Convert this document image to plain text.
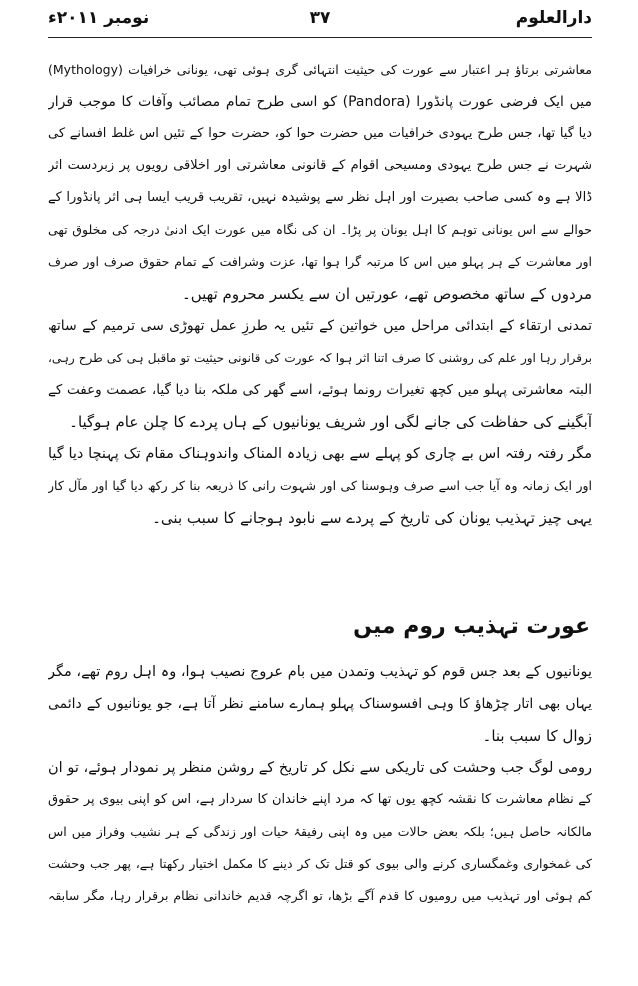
دارالعلوم
۳۷
نومبر ۲۰۱۱ء
معاشرتی برتاؤ ہر اعتبار سے عورت کی حیثیت انتہائی گری ہوئی تھی، یونانی خرافیات (Mythology)
میں ایک فرضی عورت پانڈورا (Pandora) کو اسی طرح تمام مصائب وآفات کا موجب قرار
دیا گیا تھا، جس طرح یہودی خرافیات میں حضرت حوا کو، حضرت حوا کے تئیں اس غلط افسانے کی
شہرت نے جس طرح یہودی ومسیحی اقوام کے قانونی معاشرتی اور اخلاقی رویوں پر زبردست اثر
ڈالا ہے وہ کسی صاحب بصیرت اور اہل نظر سے پوشیدہ نہیں، تقریب قریب ایسا ہی اثر پانڈورا کے
حوالے سے اس یونانی توہم کا اہل یونان پر پڑا۔ ان کی نگاہ میں عورت ایک ادنیٰ درجہ کی مخلوق تھی
اور معاشرت کے ہر پہلو میں اس کا مرتبہ گرا ہوا تھا، عزت وشرافت کے تمام حقوق صرف اور صرف
مردوں کے ساتھ مخصوص تھے، عورتیں ان سے یکسر محروم تھیں۔
تمدنی ارتقاء کے ابتدائی مراحل میں خواتین کے تئیں یہ طرزِ عمل تھوڑی سی ترمیم کے ساتھ
برقرار رہا اور علم کی روشنی کا صرف اتنا اثر ہوا کہ عورت کی قانونی حیثیت تو ماقبل ہی کی طرح رہی،
البتہ معاشرتی پہلو میں کچھ تغیرات رونما ہوئے، اسے گھر کی ملکہ بنا دیا گیا، عصمت وعفت کے
آبگینے کی حفاظت کی جانے لگی اور شریف یونانیوں کے ہاں پردے کا چلن عام ہوگیا۔
مگر رفتہ رفتہ اس بے چاری کو پہلے سے بھی زیادہ المناک واندوہناک مقام تک پہنچا دیا گیا
اور ایک زمانہ وہ آیا جب اسے صرف وہوسنا کی اور شہوت رانی کا ذریعہ بنا کر رکھ دیا گیا اور مآل کار
یہی چیز تہذیب یونان کی تاریخ کے پردے سے نابود ہوجانے کا سبب بنی۔
عورت تہذیب روم میں
یونانیوں کے بعد جس قوم کو تہذیب وتمدن میں بام عروج نصیب ہوا، وہ اہل روم تھے، مگر
یہاں بھی اتار چڑھاؤ کا وہی افسوسناک پہلو ہمارے سامنے نظر آتا ہے، جو یونانیوں کے دائمی
زوال کا سبب بنا۔
رومی لوگ جب وحشت کی تاریکی سے نکل کر تاریخ کے روشن منظر پر نمودار ہوئے، تو ان
کے نظام معاشرت کا نقشہ کچھ یوں تھا کہ مرد اپنے خاندان کا سردار ہے، اس کو اپنی بیوی پر حقوق
مالکانہ حاصل ہیں؛ بلکہ بعض حالات میں وہ اپنی رفیقۂ حیات اور زندگی کے ہر نشیب وفراز میں اس
کی غمخواری وغمگساری کرنے والی بیوی کو قتل تک کر دینے کا مکمل اختیار رکھتا ہے، پھر جب وحشت
کم ہوئی اور تہذیب میں رومیوں کا قدم آگے بڑھا، تو اگرچہ قدیم خاندانی نظام برقرار رہا، مگر سابقہ
